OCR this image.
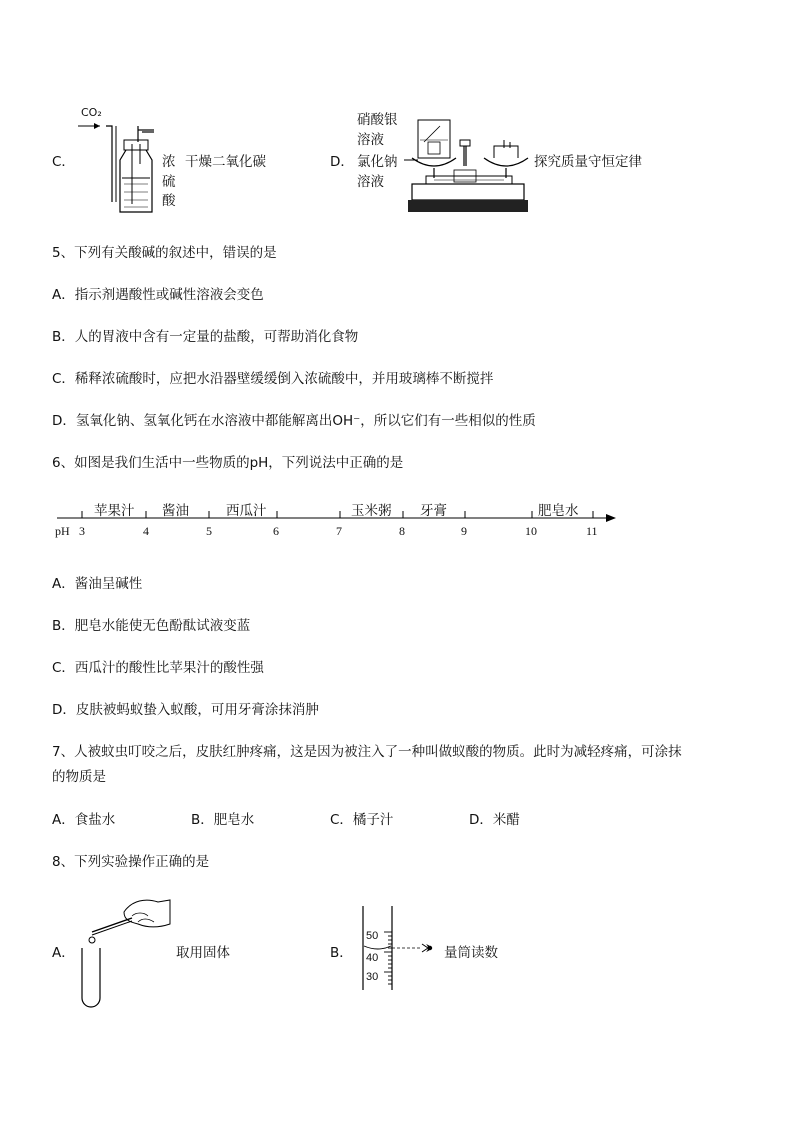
C．
CO₂
浓
硫
酸
干燥二氧化碳	D．
硝酸银
溶液
氯化钠
溶液
探究质量守恒定律
5、下列有关酸碱的叙述中，错误的是
A．指示剂遇酸性或碱性溶液会变色
B．人的胃液中含有一定量的盐酸，可帮助消化食物
C．稀释浓硫酸时，应把水沿器壁缓缓倒入浓硫酸中，并用玻璃棒不断搅拌
D．氢氧化钠、氢氧化钙在水溶液中都能解离出OH⁻，所以它们有一些相似的性质
6、如图是我们生活中一些物质的pH，下列说法中正确的是
pH 3	4	5	6	7	8	9	10	11
苹果汁 酱油	西瓜汁	玉米粥 牙膏	肥皂水
A．酱油呈碱性
B．肥皂水能使无色酚酞试液变蓝
C．西瓜汁的酸性比苹果汁的酸性强
D．皮肤被蚂蚁蛰入蚁酸，可用牙膏涂抹消肿
7、人被蚊虫叮咬之后，皮肤红肿疼痛，这是因为被注入了一种叫做蚁酸的物质。此时为减轻疼痛，可涂抹
的物质是
A．食盐水	B．肥皂水	C．橘子汁	D．米醋
8、下列实验操作正确的是
A．	取用固体	B．
50
40
30
量筒读数
